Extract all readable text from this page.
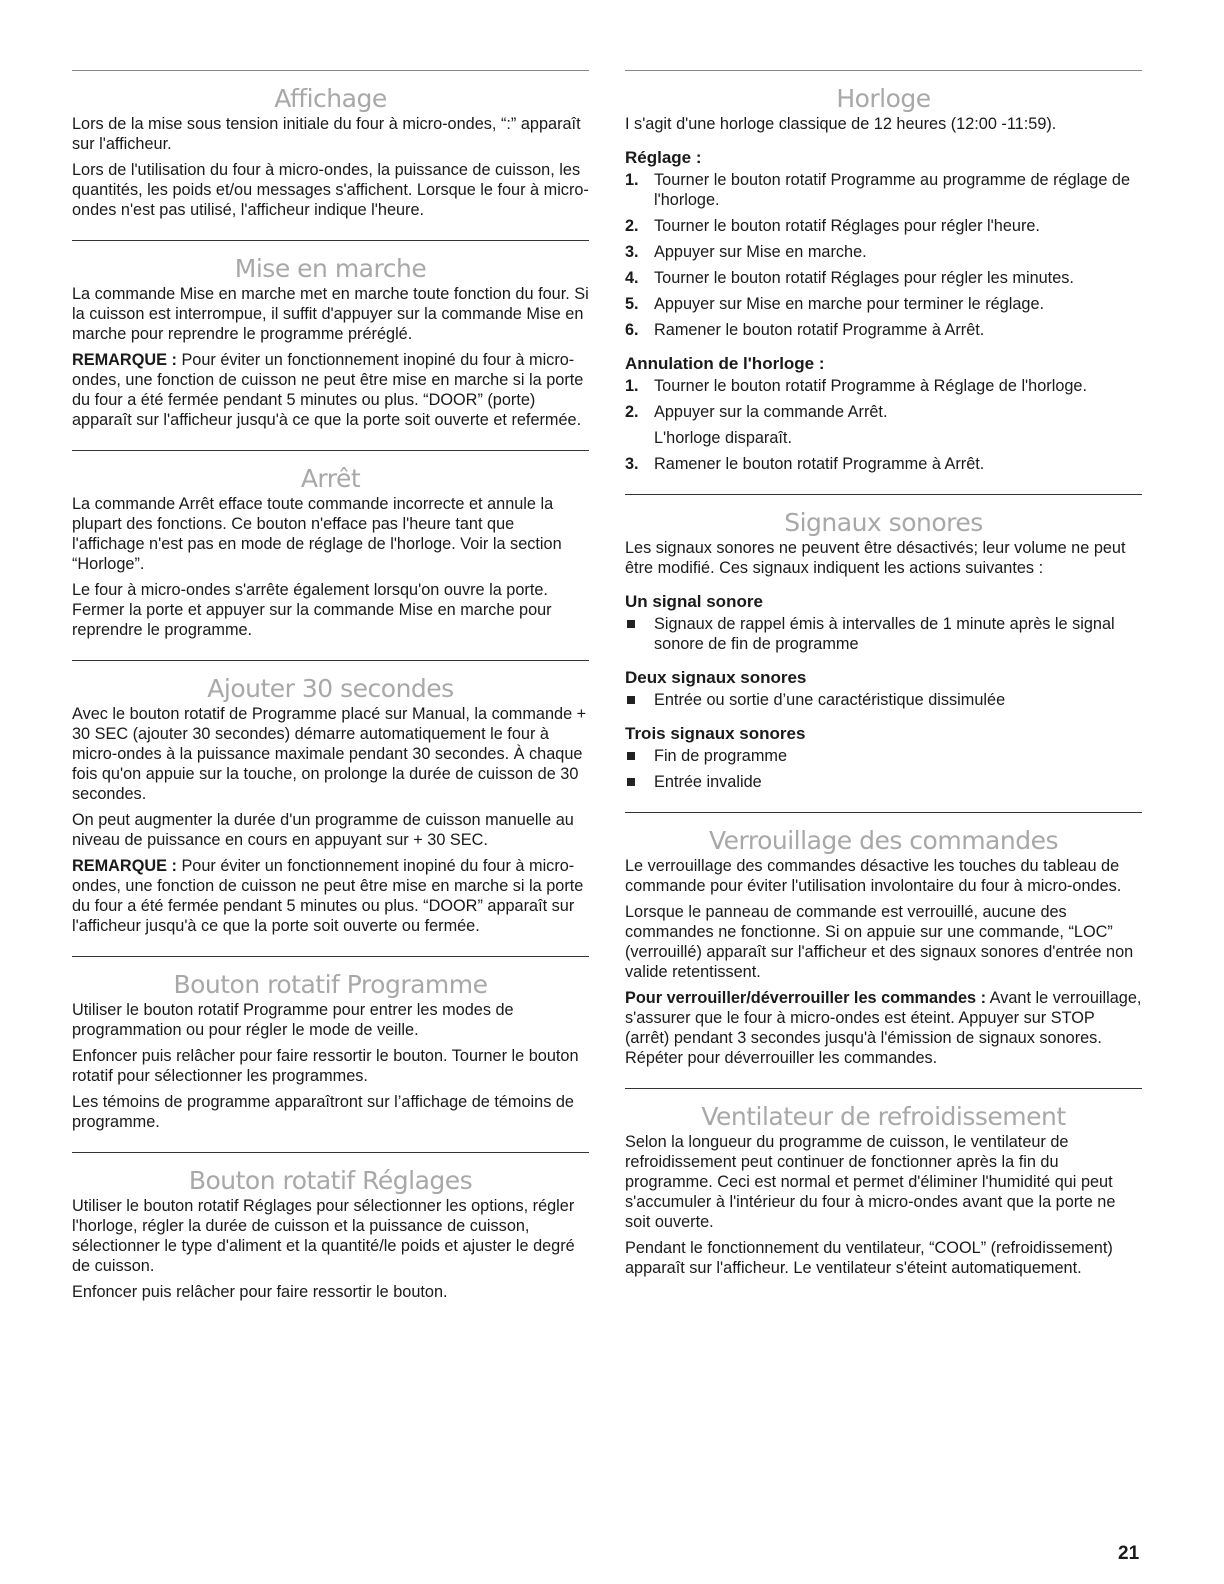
Affichage

Lors de la mise sous tension initiale du four à micro-ondes, “:” apparaît sur l'afficheur.

Lors de l'utilisation du four à micro-ondes, la puissance de cuisson, les quantités, les poids et/ou messages s'affichent. Lorsque le four à micro-ondes n'est pas utilisé, l'afficheur indique l'heure.

Mise en marche

La commande Mise en marche met en marche toute fonction du four. Si la cuisson est interrompue, il suffit d'appuyer sur la commande Mise en marche pour reprendre le programme préréglé.

REMARQUE : Pour éviter un fonctionnement inopiné du four à micro-ondes, une fonction de cuisson ne peut être mise en marche si la porte du four a été fermée pendant 5 minutes ou plus. “DOOR” (porte) apparaît sur l'afficheur jusqu'à ce que la porte soit ouverte et refermée.

Arrêt

La commande Arrêt efface toute commande incorrecte et annule la plupart des fonctions. Ce bouton n'efface pas l'heure tant que l'affichage n'est pas en mode de réglage de l'horloge. Voir la section “Horloge”.

Le four à micro-ondes s'arrête également lorsqu'on ouvre la porte. Fermer la porte et appuyer sur la commande Mise en marche pour reprendre le programme.

Ajouter 30 secondes

Avec le bouton rotatif de Programme placé sur Manual, la commande + 30 SEC (ajouter 30 secondes) démarre automatiquement le four à micro-ondes à la puissance maximale pendant 30 secondes. À chaque fois qu'on appuie sur la touche, on prolonge la durée de cuisson de 30 secondes.

On peut augmenter la durée d'un programme de cuisson manuelle au niveau de puissance en cours en appuyant sur + 30 SEC.

REMARQUE : Pour éviter un fonctionnement inopiné du four à micro-ondes, une fonction de cuisson ne peut être mise en marche si la porte du four a été fermée pendant 5 minutes ou plus. “DOOR” apparaît sur l'afficheur jusqu'à ce que la porte soit ouverte ou fermée.

Bouton rotatif Programme

Utiliser le bouton rotatif Programme pour entrer les modes de programmation ou pour régler le mode de veille.

Enfoncer puis relâcher pour faire ressortir le bouton. Tourner le bouton rotatif pour sélectionner les programmes.

Les témoins de programme apparaîtront sur l’affichage de témoins de programme.

Bouton rotatif Réglages

Utiliser le bouton rotatif Réglages pour sélectionner les options, régler l'horloge, régler la durée de cuisson et la puissance de cuisson, sélectionner le type d'aliment et la quantité/le poids et ajuster le degré de cuisson.

Enfoncer puis relâcher pour faire ressortir le bouton.

Horloge

I s'agit d'une horloge classique de 12 heures (12:00 -11:59).

Réglage :
1. Tourner le bouton rotatif Programme au programme de réglage de l'horloge.
2. Tourner le bouton rotatif Réglages pour régler l'heure.
3. Appuyer sur Mise en marche.
4. Tourner le bouton rotatif Réglages pour régler les minutes.
5. Appuyer sur Mise en marche pour terminer le réglage.
6. Ramener le bouton rotatif Programme à Arrêt.
Annulation de l'horloge :
1. Tourner le bouton rotatif Programme à Réglage de l'horloge.
2. Appuyer sur la commande Arrêt.

L'horloge disparaît.

3. Ramener le bouton rotatif Programme à Arrêt.
Signaux sonores

Les signaux sonores ne peuvent être désactivés; leur volume ne peut être modifié. Ces signaux indiquent les actions suivantes :

Un signal sonore
Signaux de rappel émis à intervalles de 1 minute après le signal sonore de fin de programme
Deux signaux sonores
Entrée ou sortie d’une caractéristique dissimulée
Trois signaux sonores
Fin de programme
Entrée invalide
Verrouillage des commandes

Le verrouillage des commandes désactive les touches du tableau de commande pour éviter l'utilisation involontaire du four à micro-ondes.

Lorsque le panneau de commande est verrouillé, aucune des commandes ne fonctionne. Si on appuie sur une commande, “LOC” (verrouillé) apparaît sur l'afficheur et des signaux sonores d'entrée non valide retentissent.

Pour verrouiller/déverrouiller les commandes : Avant le verrouillage, s'assurer que le four à micro-ondes est éteint. Appuyer sur STOP (arrêt) pendant 3 secondes jusqu'à l'émission de signaux sonores. Répéter pour déverrouiller les commandes.

Ventilateur de refroidissement

Selon la longueur du programme de cuisson, le ventilateur de refroidissement peut continuer de fonctionner après la fin du programme. Ceci est normal et permet d'éliminer l'humidité qui peut s'accumuler à l'intérieur du four à micro-ondes avant que la porte ne soit ouverte.

Pendant le fonctionnement du ventilateur, “COOL” (refroidissement) apparaît sur l'afficheur. Le ventilateur s'éteint automatiquement.

21
